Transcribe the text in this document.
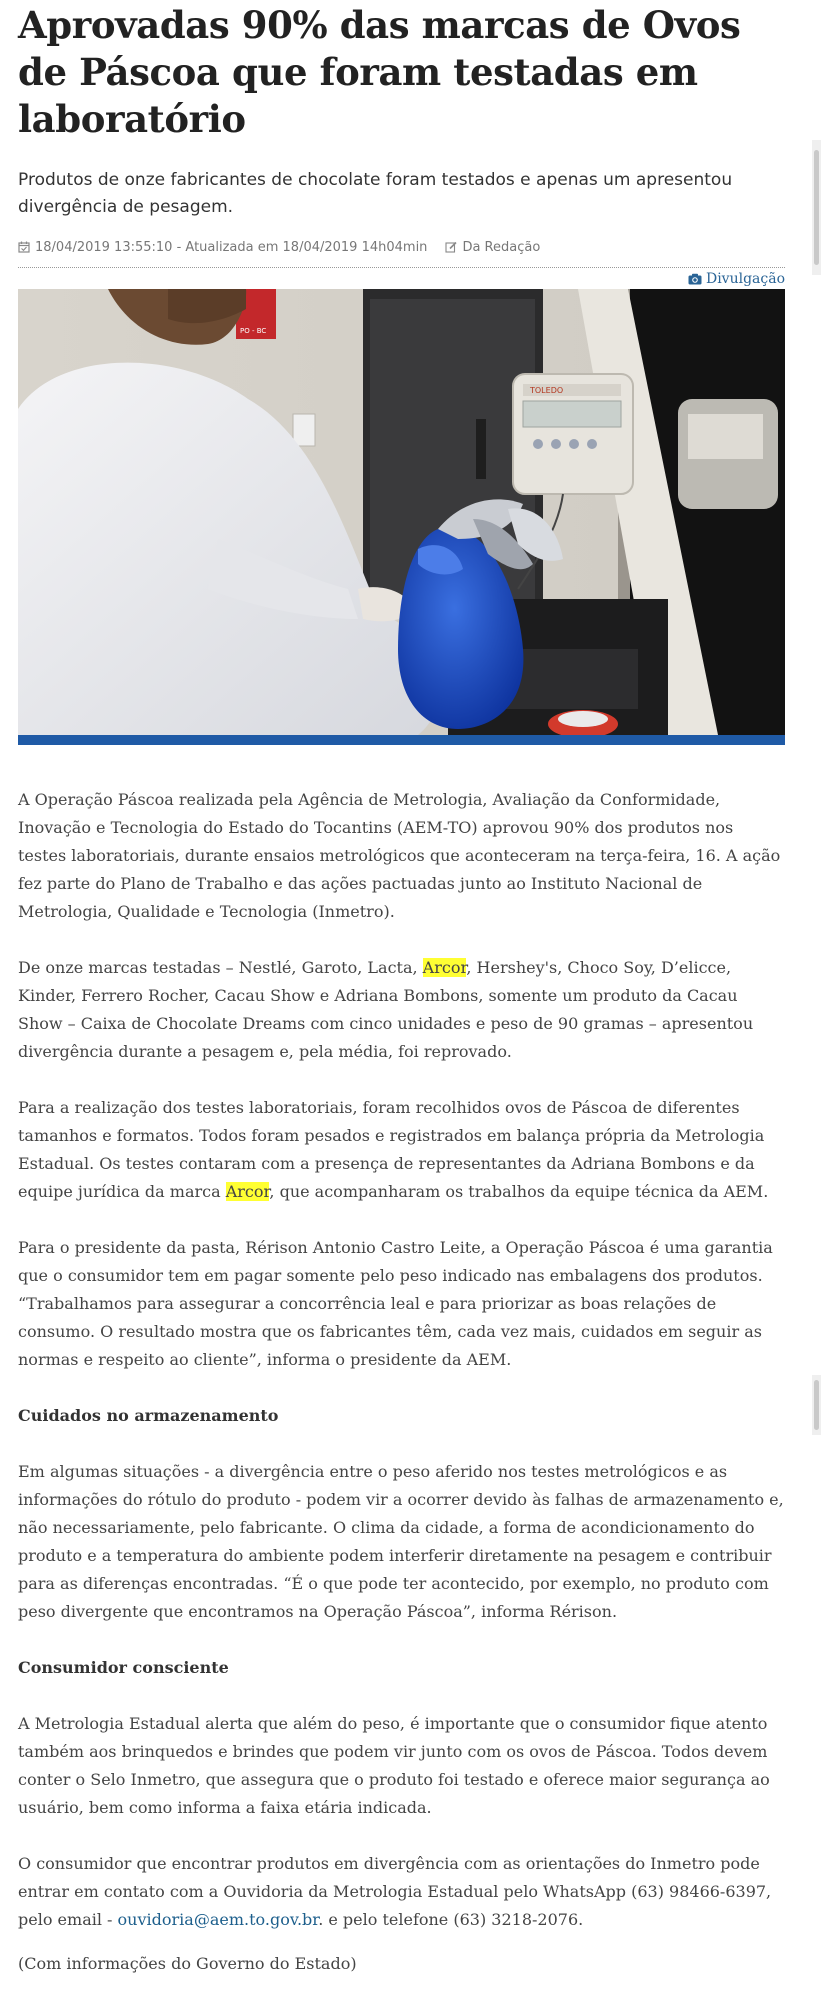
Aprovadas 90% das marcas de Ovos de Páscoa que foram testadas em laboratório

Produtos de onze fabricantes de chocolate foram testados e apenas um apresentou divergência de pesagem.

18/04/2019 13:55:10 - Atualizada em 18/04/2019 14h04min	Da Redação
Divulgação
TOLEDO
PO - BC

A Operação Páscoa realizada pela Agência de Metrologia, Avaliação da Conformidade, Inovação e Tecnologia do Estado do Tocantins (AEM-TO) aprovou 90% dos produtos nos testes laboratoriais, durante ensaios metrológicos que aconteceram na terça-feira, 16. A ação fez parte do Plano de Trabalho e das ações pactuadas junto ao Instituto Nacional de Metrologia, Qualidade e Tecnologia (Inmetro).

De onze marcas testadas – Nestlé, Garoto, Lacta, Arcor, Hershey's, Choco Soy, D’elicce, Kinder, Ferrero Rocher, Cacau Show e Adriana Bombons, somente um produto da Cacau Show – Caixa de Chocolate Dreams com cinco unidades e peso de 90 gramas – apresentou divergência durante a pesagem e, pela média, foi reprovado.

Para a realização dos testes laboratoriais, foram recolhidos ovos de Páscoa de diferentes tamanhos e formatos. Todos foram pesados e registrados em balança própria da Metrologia Estadual. Os testes contaram com a presença de representantes da Adriana Bombons e da equipe jurídica da marca Arcor, que acompanharam os trabalhos da equipe técnica da AEM.

Para o presidente da pasta, Rérison Antonio Castro Leite, a Operação Páscoa é uma garantia que o consumidor tem em pagar somente pelo peso indicado nas embalagens dos produtos. “Trabalhamos para assegurar a concorrência leal e para priorizar as boas relações de consumo. O resultado mostra que os fabricantes têm, cada vez mais, cuidados em seguir as normas e respeito ao cliente”, informa o presidente da AEM.

Cuidados no armazenamento

Em algumas situações - a divergência entre o peso aferido nos testes metrológicos e as informações do rótulo do produto - podem vir a ocorrer devido às falhas de armazenamento e, não necessariamente, pelo fabricante. O clima da cidade, a forma de acondicionamento do produto e a temperatura do ambiente podem interferir diretamente na pesagem e contribuir para as diferenças encontradas. “É o que pode ter acontecido, por exemplo, no produto com peso divergente que encontramos na Operação Páscoa”, informa Rérison.

Consumidor consciente

A Metrologia Estadual alerta que além do peso, é importante que o consumidor fique atento também aos brinquedos e brindes que podem vir junto com os ovos de Páscoa. Todos devem conter o Selo Inmetro, que assegura que o produto foi testado e oferece maior segurança ao usuário, bem como informa a faixa etária indicada.

O consumidor que encontrar produtos em divergência com as orientações do Inmetro pode entrar em contato com a Ouvidoria da Metrologia Estadual pelo WhatsApp (63) 98466-6397, pelo email - ouvidoria@aem.to.gov.br. e pelo telefone (63) 3218-2076.

(Com informações do Governo do Estado)
